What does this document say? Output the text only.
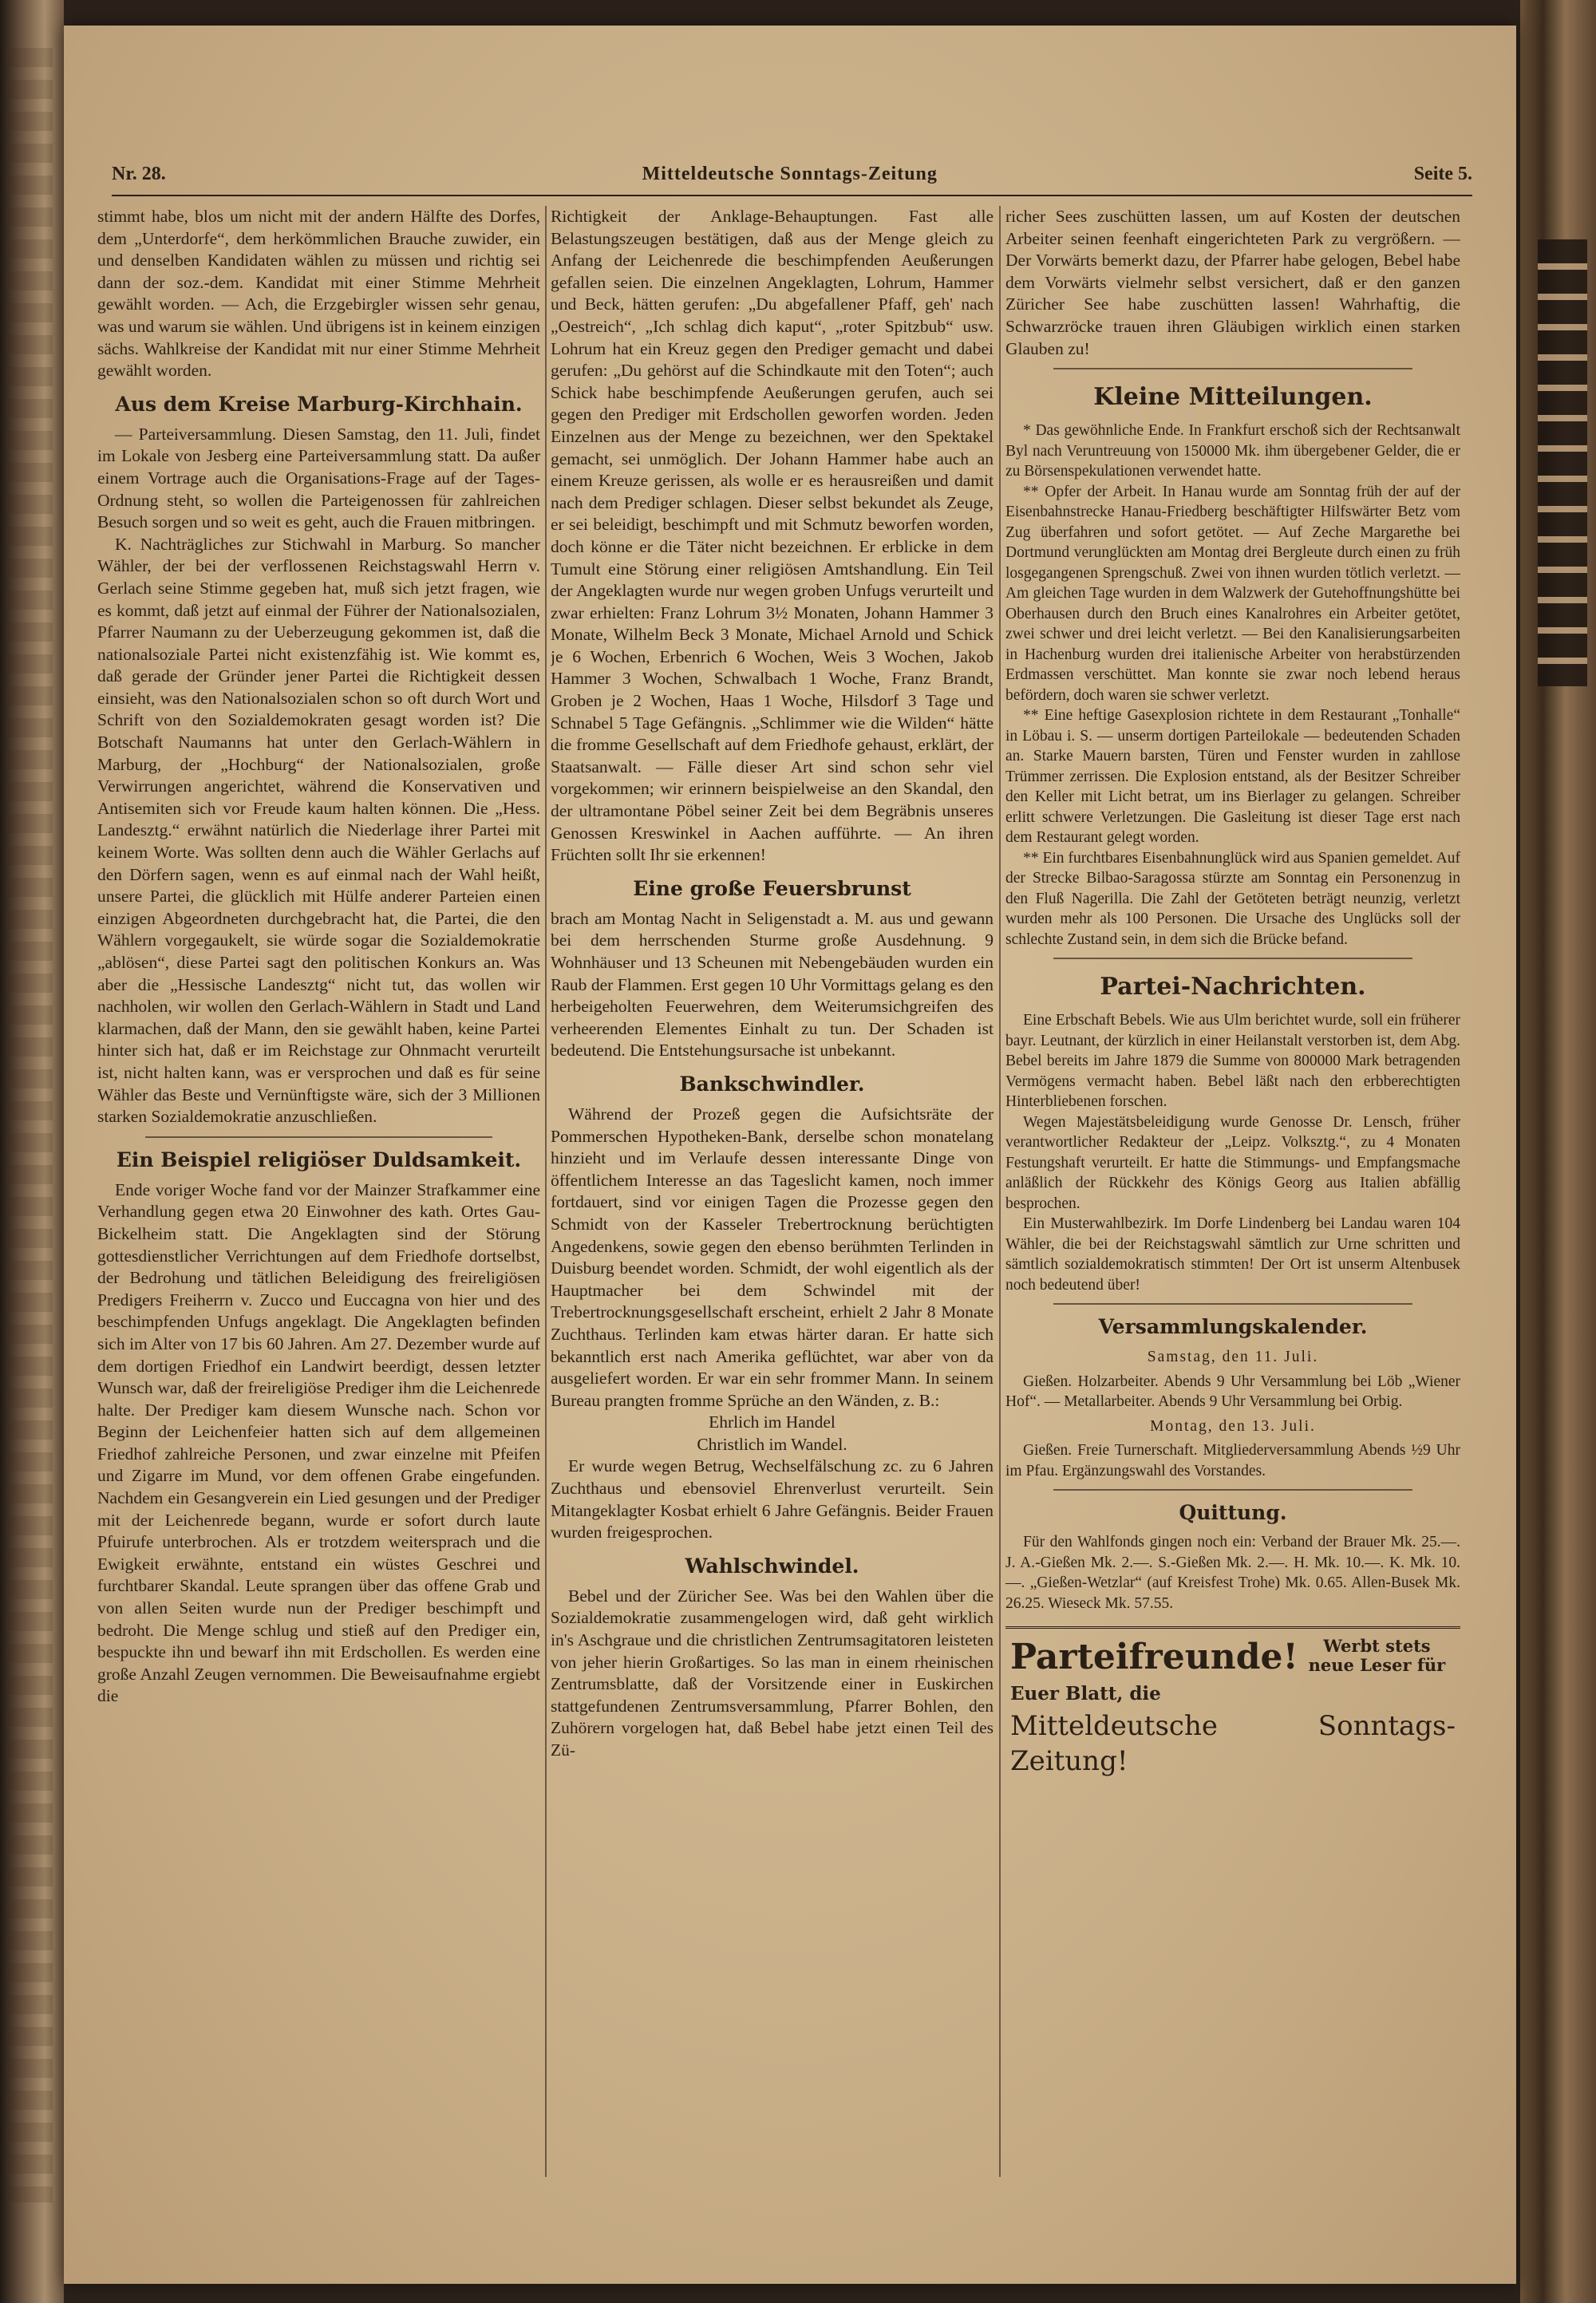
Nr. 28.	Mitteldeutsche Sonntags-Zeitung	Seite 5.

stimmt habe, blos um nicht mit der andern Hälfte des Dorfes, dem „Unterdorfe“, dem herkömmlichen Brauche zuwider, ein und denselben Kandidaten wählen zu müssen und richtig sei dann der soz.-dem. Kandidat mit einer Stimme Mehrheit gewählt worden. — Ach, die Erzgebirgler wissen sehr genau, was und warum sie wählen. Und übrigens ist in keinem einzigen sächs. Wahlkreise der Kandidat mit nur einer Stimme Mehrheit gewählt worden.

Aus dem Kreise Marburg-Kirchhain.

— Parteiversammlung. Diesen Samstag, den 11. Juli, findet im Lokale von Jesberg eine Parteiversammlung statt. Da außer einem Vortrage auch die Organisations-Frage auf der Tages-Ordnung steht, so wollen die Parteigenossen für zahlreichen Besuch sorgen und so weit es geht, auch die Frauen mitbringen.

K. Nachträgliches zur Stichwahl in Marburg. So mancher Wähler, der bei der verflossenen Reichstagswahl Herrn v. Gerlach seine Stimme gegeben hat, muß sich jetzt fragen, wie es kommt, daß jetzt auf einmal der Führer der Nationalsozialen, Pfarrer Naumann zu der Ueberzeugung gekommen ist, daß die nationalsoziale Partei nicht existenzfähig ist. Wie kommt es, daß gerade der Gründer jener Partei die Richtigkeit dessen einsieht, was den Nationalsozialen schon so oft durch Wort und Schrift von den Sozialdemokraten gesagt worden ist? Die Botschaft Naumanns hat unter den Gerlach-Wählern in Marburg, der „Hochburg“ der Nationalsozialen, große Verwirrungen angerichtet, während die Konservativen und Antisemiten sich vor Freude kaum halten können. Die „Hess. Landesztg.“ erwähnt natürlich die Niederlage ihrer Partei mit keinem Worte. Was sollten denn auch die Wähler Gerlachs auf den Dörfern sagen, wenn es auf einmal nach der Wahl heißt, unsere Partei, die glücklich mit Hülfe anderer Parteien einen einzigen Abgeordneten durchgebracht hat, die Partei, die den Wählern vorgegaukelt, sie würde sogar die Sozialdemokratie „ablösen“, diese Partei sagt den politischen Konkurs an. Was aber die „Hessische Landesztg“ nicht tut, das wollen wir nachholen, wir wollen den Gerlach-Wählern in Stadt und Land klarmachen, daß der Mann, den sie gewählt haben, keine Partei hinter sich hat, daß er im Reichstage zur Ohnmacht verurteilt ist, nicht halten kann, was er versprochen und daß es für seine Wähler das Beste und Vernünftigste wäre, sich der 3 Millionen starken Sozialdemokratie anzuschließen.

Ein Beispiel religiöser Duldsamkeit.

Ende voriger Woche fand vor der Mainzer Strafkammer eine Verhandlung gegen etwa 20 Einwohner des kath. Ortes Gau-Bickelheim statt. Die Angeklagten sind der Störung gottesdienstlicher Verrichtungen auf dem Friedhofe dortselbst, der Bedrohung und tätlichen Beleidigung des freireligiösen Predigers Freiherrn v. Zucco und Euccagna von hier und des beschimpfenden Unfugs angeklagt. Die Angeklagten befinden sich im Alter von 17 bis 60 Jahren. Am 27. Dezember wurde auf dem dortigen Friedhof ein Landwirt beerdigt, dessen letzter Wunsch war, daß der freireligiöse Prediger ihm die Leichenrede halte. Der Prediger kam diesem Wunsche nach. Schon vor Beginn der Leichenfeier hatten sich auf dem allgemeinen Friedhof zahlreiche Personen, und zwar einzelne mit Pfeifen und Zigarre im Mund, vor dem offenen Grabe eingefunden. Nachdem ein Gesangverein ein Lied gesungen und der Prediger mit der Leichenrede begann, wurde er sofort durch laute Pfuirufe unterbrochen. Als er trotzdem weitersprach und die Ewigkeit erwähnte, entstand ein wüstes Geschrei und furchtbarer Skandal. Leute sprangen über das offene Grab und von allen Seiten wurde nun der Prediger beschimpft und bedroht. Die Menge schlug und stieß auf den Prediger ein, bespuckte ihn und bewarf ihn mit Erdschollen. Es werden eine große Anzahl Zeugen vernommen. Die Beweisaufnahme ergiebt die

Richtigkeit der Anklage-Behauptungen. Fast alle Belastungszeugen bestätigen, daß aus der Menge gleich zu Anfang der Leichenrede die beschimpfenden Aeußerungen gefallen seien. Die einzelnen Angeklagten, Lohrum, Hammer und Beck, hätten gerufen: „Du abgefallener Pfaff, geh' nach „Oestreich“, „Ich schlag dich kaput“, „roter Spitzbub“ usw. Lohrum hat ein Kreuz gegen den Prediger gemacht und dabei gerufen: „Du gehörst auf die Schindkaute mit den Toten“; auch Schick habe beschimpfende Aeußerungen gerufen, auch sei gegen den Prediger mit Erdschollen geworfen worden. Jeden Einzelnen aus der Menge zu bezeichnen, wer den Spektakel gemacht, sei unmöglich. Der Johann Hammer habe auch an einem Kreuze gerissen, als wolle er es herausreißen und damit nach dem Prediger schlagen. Dieser selbst bekundet als Zeuge, er sei beleidigt, beschimpft und mit Schmutz beworfen worden, doch könne er die Täter nicht bezeichnen. Er erblicke in dem Tumult eine Störung einer religiösen Amtshandlung. Ein Teil der Angeklagten wurde nur wegen groben Unfugs verurteilt und zwar erhielten: Franz Lohrum 3½ Monaten, Johann Hammer 3 Monate, Wilhelm Beck 3 Monate, Michael Arnold und Schick je 6 Wochen, Erbenrich 6 Wochen, Weis 3 Wochen, Jakob Hammer 3 Wochen, Schwalbach 1 Woche, Franz Brandt, Groben je 2 Wochen, Haas 1 Woche, Hilsdorf 3 Tage und Schnabel 5 Tage Gefängnis. „Schlimmer wie die Wilden“ hätte die fromme Gesellschaft auf dem Friedhofe gehaust, erklärt, der Staatsanwalt. — Fälle dieser Art sind schon sehr viel vorgekommen; wir erinnern beispielweise an den Skandal, den der ultramontane Pöbel seiner Zeit bei dem Begräbnis unseres Genossen Kreswinkel in Aachen aufführte. — An ihren Früchten sollt Ihr sie erkennen!

Eine große Feuersbrunst

brach am Montag Nacht in Seligenstadt a. M. aus und gewann bei dem herrschenden Sturme große Ausdehnung. 9 Wohnhäuser und 13 Scheunen mit Nebengebäuden wurden ein Raub der Flammen. Erst gegen 10 Uhr Vormittags gelang es den herbeigeholten Feuerwehren, dem Weiterumsichgreifen des verheerenden Elementes Einhalt zu tun. Der Schaden ist bedeutend. Die Entstehungsursache ist unbekannt.

Bankschwindler.

Während der Prozeß gegen die Aufsichtsräte der Pommerschen Hypotheken-Bank, derselbe schon monatelang hinzieht und im Verlaufe dessen interessante Dinge von öffentlichem Interesse an das Tageslicht kamen, noch immer fortdauert, sind vor einigen Tagen die Prozesse gegen den Schmidt von der Kasseler Trebertrocknung berüchtigten Angedenkens, sowie gegen den ebenso berühmten Terlinden in Duisburg beendet worden. Schmidt, der wohl eigentlich als der Hauptmacher bei dem Schwindel mit der Trebertrocknungsgesellschaft erscheint, erhielt 2 Jahr 8 Monate Zuchthaus. Terlinden kam etwas härter daran. Er hatte sich bekanntlich erst nach Amerika geflüchtet, war aber von da ausgeliefert worden. Er war ein sehr frommer Mann. In seinem Bureau prangten fromme Sprüche an den Wänden, z. B.:

Ehrlich im Handel

Christlich im Wandel.

Er wurde wegen Betrug, Wechselfälschung zc. zu 6 Jahren Zuchthaus und ebensoviel Ehrenverlust verurteilt. Sein Mitangeklagter Kosbat erhielt 6 Jahre Gefängnis. Beider Frauen wurden freigesprochen.

Wahlschwindel.

Bebel und der Züricher See. Was bei den Wahlen über die Sozialdemokratie zusammengelogen wird, daß geht wirklich in's Aschgraue und die christlichen Zentrumsagitatoren leisteten von jeher hierin Großartiges. So las man in einem rheinischen Zentrumsblatte, daß der Vorsitzende einer in Euskirchen stattgefundenen Zentrumsversammlung, Pfarrer Bohlen, den Zuhörern vorgelogen hat, daß Bebel habe jetzt einen Teil des Zü-

richer Sees zuschütten lassen, um auf Kosten der deutschen Arbeiter seinen feenhaft eingerichteten Park zu vergrößern. — Der Vorwärts bemerkt dazu, der Pfarrer habe gelogen, Bebel habe dem Vorwärts vielmehr selbst versichert, daß er den ganzen Züricher See habe zuschütten lassen! Wahrhaftig, die Schwarzröcke trauen ihren Gläubigen wirklich einen starken Glauben zu!

Kleine Mitteilungen.

* Das gewöhnliche Ende. In Frankfurt erschoß sich der Rechtsanwalt Byl nach Veruntreuung von 150000 Mk. ihm übergebener Gelder, die er zu Börsenspekulationen verwendet hatte.

** Opfer der Arbeit. In Hanau wurde am Sonntag früh der auf der Eisenbahnstrecke Hanau-Friedberg beschäftigter Hilfswärter Betz vom Zug überfahren und sofort getötet. — Auf Zeche Margarethe bei Dortmund verunglückten am Montag drei Bergleute durch einen zu früh losgegangenen Sprengschuß. Zwei von ihnen wurden tötlich verletzt. — Am gleichen Tage wurden in dem Walzwerk der Gutehoffnungshütte bei Oberhausen durch den Bruch eines Kanalrohres ein Arbeiter getötet, zwei schwer und drei leicht verletzt. — Bei den Kanalisierungsarbeiten in Hachenburg wurden drei italienische Arbeiter von herabstürzenden Erdmassen verschüttet. Man konnte sie zwar noch lebend heraus befördern, doch waren sie schwer verletzt.

** Eine heftige Gasexplosion richtete in dem Restaurant „Tonhalle“ in Löbau i. S. — unserm dortigen Parteilokale — bedeutenden Schaden an. Starke Mauern barsten, Türen und Fenster wurden in zahllose Trümmer zerrissen. Die Explosion entstand, als der Besitzer Schreiber den Keller mit Licht betrat, um ins Bierlager zu gelangen. Schreiber erlitt schwere Verletzungen. Die Gasleitung ist dieser Tage erst nach dem Restaurant gelegt worden.

** Ein furchtbares Eisenbahnunglück wird aus Spanien gemeldet. Auf der Strecke Bilbao-Saragossa stürzte am Sonntag ein Personenzug in den Fluß Nagerilla. Die Zahl der Getöteten beträgt neunzig, verletzt wurden mehr als 100 Personen. Die Ursache des Unglücks soll der schlechte Zustand sein, in dem sich die Brücke befand.

Partei-Nachrichten.

Eine Erbschaft Bebels. Wie aus Ulm berichtet wurde, soll ein früherer bayr. Leutnant, der kürzlich in einer Heilanstalt verstorben ist, dem Abg. Bebel bereits im Jahre 1879 die Summe von 800000 Mark betragenden Vermögens vermacht haben. Bebel läßt nach den erbberechtigten Hinterbliebenen forschen.

Wegen Majestätsbeleidigung wurde Genosse Dr. Lensch, früher verantwortlicher Redakteur der „Leipz. Volksztg.“, zu 4 Monaten Festungshaft verurteilt. Er hatte die Stimmungs- und Empfangsmache anläßlich der Rückkehr des Königs Georg aus Italien abfällig besprochen.

Ein Musterwahlbezirk. Im Dorfe Lindenberg bei Landau waren 104 Wähler, die bei der Reichstagswahl sämtlich zur Urne schritten und sämtlich sozialdemokratisch stimmten! Der Ort ist unserm Altenbusek noch bedeutend über!

Versammlungskalender.
Samstag, den 11. Juli.

Gießen. Holzarbeiter. Abends 9 Uhr Versammlung bei Löb „Wiener Hof“. — Metallarbeiter. Abends 9 Uhr Versammlung bei Orbig.

Montag, den 13. Juli.

Gießen. Freie Turnerschaft. Mitgliederversammlung Abends ½9 Uhr im Pfau. Ergänzungswahl des Vorstandes.

Quittung.

Für den Wahlfonds gingen noch ein: Verband der Brauer Mk. 25.—. J. A.-Gießen Mk. 2.—. S.-Gießen Mk. 2.—. H. Mk. 10.—. K. Mk. 10.—. „Gießen-Wetzlar“ (auf Kreisfest Trohe) Mk. 0.65. Allen-Busek Mk. 26.25. Wieseck Mk. 57.55.

Parteifreunde!	Werbt stets neue Leser für
Euer Blatt, die
Mitteldeutsche Sonntags-Zeitung!
